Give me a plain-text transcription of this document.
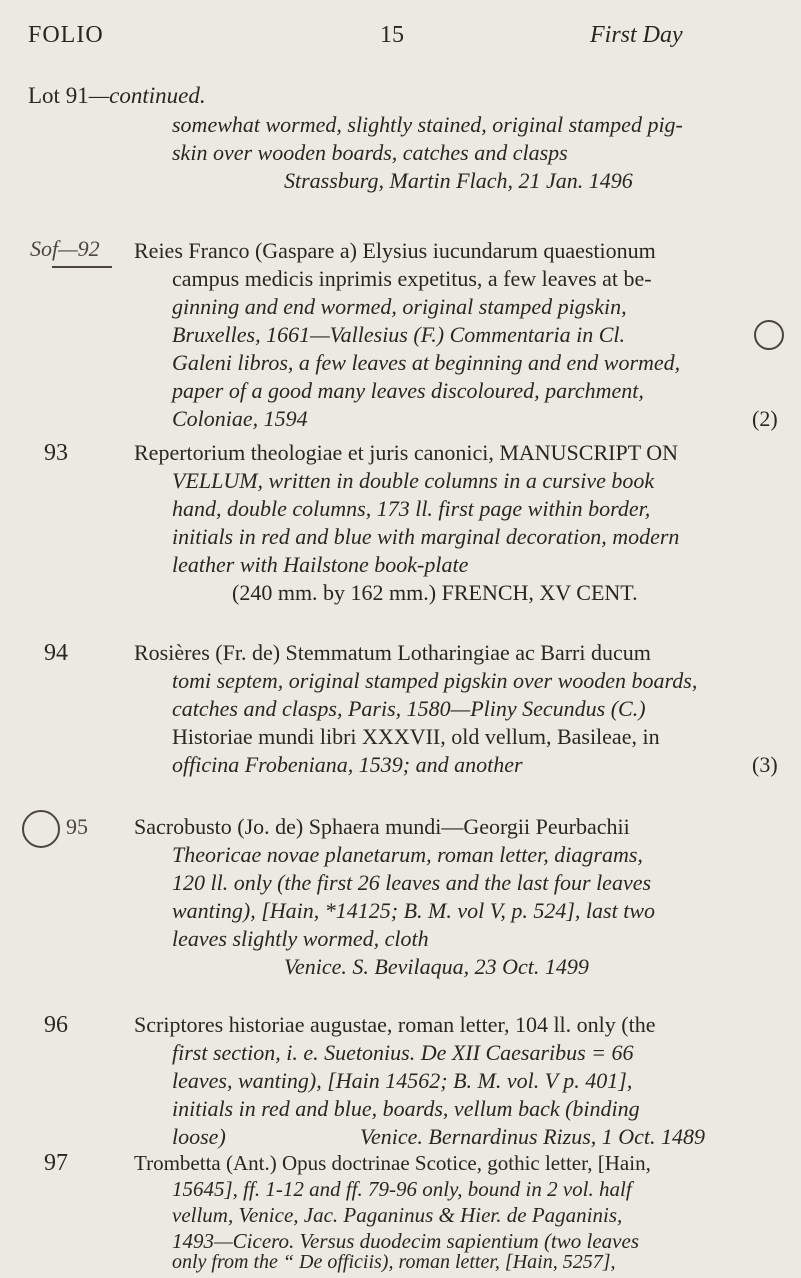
FOLIO	15	First Day
Lot 91—continued.
somewhat wormed, slightly stained, original stamped pig-
skin over wooden boards, catches and clasps
Strassburg, Martin Flach, 21 Jan. 1496
Sof—92 Reies Franco (Gaspare a) Elysius iucundarum quaestionum
campus medicis inprimis expetitus, a few leaves at be-
ginning and end wormed, original stamped pigskin,
Bruxelles, 1661—Vallesius (F.) Commentaria in Cl.
Galeni libros, a few leaves at beginning and end wormed,
paper of a good many leaves discoloured, parchment,
Coloniae, 1594	(2)
93	Repertorium theologiae et juris canonici, MANUSCRIPT ON
VELLUM, written in double columns in a cursive book
hand, double columns, 173 ll. first page within border,
initials in red and blue with marginal decoration, modern
leather with Hailstone book-plate
(240 mm. by 162 mm.) FRENCH, XV CENT.
94	Rosières (Fr. de) Stemmatum Lotharingiae ac Barri ducum
tomi septem, original stamped pigskin over wooden boards,
catches and clasps, Paris, 1580—Pliny Secundus (C.)
Historiae mundi libri XXXVII, old vellum, Basileae, in
officina Frobeniana, 1539; and another	(3)
95 Sacrobusto (Jo. de) Sphaera mundi—Georgii Peurbachii
Theoricae novae planetarum, roman letter, diagrams,
120 ll. only (the first 26 leaves and the last four leaves
wanting), [Hain, *14125; B. M. vol V, p. 524], last two
leaves slightly wormed, cloth
Venice. S. Bevilaqua, 23 Oct. 1499
96	Scriptores historiae augustae, roman letter, 104 ll. only (the
first section, i. e. Suetonius. De XII Caesaribus = 66
leaves, wanting), [Hain 14562; B. M. vol. V p. 401],
initials in red and blue, boards, vellum back (binding
loose)	Venice. Bernardinus Rizus, 1 Oct. 1489
97	Trombetta (Ant.) Opus doctrinae Scotice, gothic letter, [Hain,
15645], ff. 1-12 and ff. 79-96 only, bound in 2 vol. half
vellum, Venice, Jac. Paganinus & Hier. de Paganinis,
1493—Cicero. Versus duodecim sapientium (two leaves
only from the “ De officiis), roman letter, [Hain, 5257],
